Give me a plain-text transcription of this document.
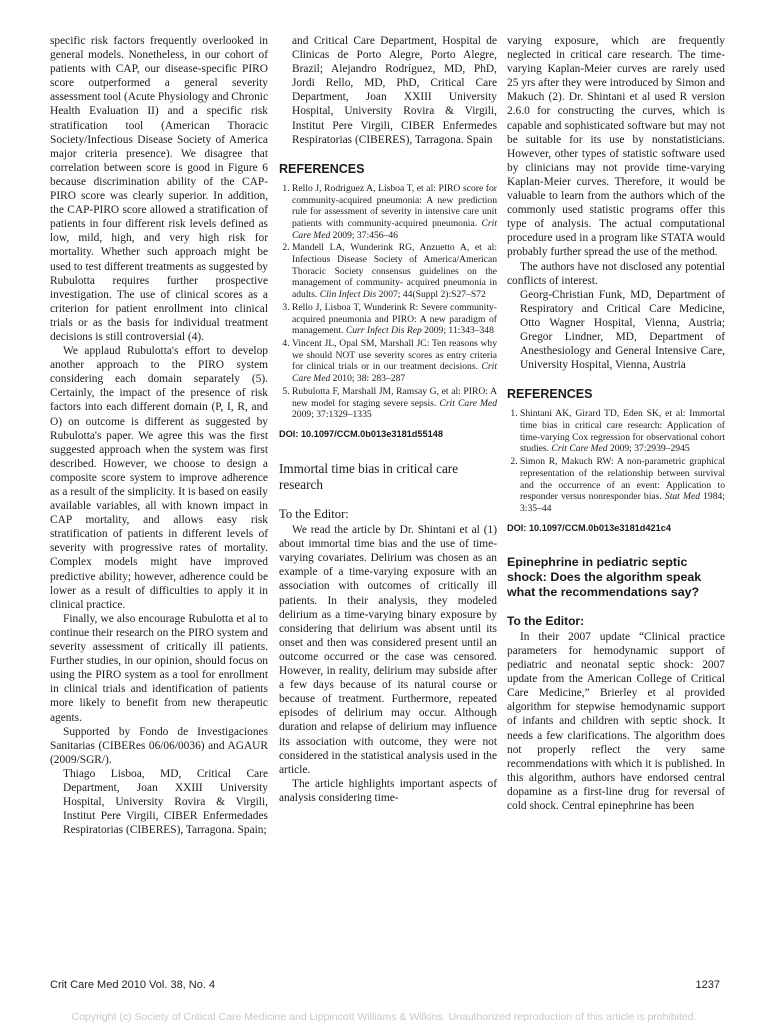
specific risk factors frequently overlooked in general models. Nonetheless, in our cohort of patients with CAP, our disease-specific PIRO score outperformed a general severity assessment tool (Acute Physiology and Chronic Health Evaluation II) and a specific risk stratification tool (American Thoracic Society/Infectious Disease Society of America major criteria presence). We disagree that correlation between score is good in Figure 6 because discrimination ability of the CAP-PIRO score was clearly superior. In addition, the CAP-PIRO score allowed a stratification of patients in four different risk levels defined as low, mild, high, and very high risk for mortality. Whether such approach might be used to test different treatments as suggested by Rubulotta requires further prospective investigation. The use of clinical scores as a criterion for patient enrollment into clinical trials or as the basis for individual treatment decisions is still controversial (4).

We applaud Rubulotta's effort to develop another approach to the PIRO system considering each domain separately (5). Certainly, the impact of the presence of risk factors into each different domain (P, I, R, and O) on outcome is different as suggested by Rubulotta's paper. We agree this was the first suggested approach when the system was first described. However, we choose to design a composite score system to improve adherence as a result of the simplicity. It is based on easily available variables, all with known impact in CAP mortality, and allows easy risk stratification of patients in different levels of severity with progressive rates of mortality. Complex models might have improved predictive ability; however, adherence could be lower as a result of difficulties to apply it in clinical practice.

Finally, we also encourage Rubulotta et al to continue their research on the PIRO system and severity assessment of critically ill patients. Further studies, in our opinion, should focus on using the PIRO system as a tool for enrollment in clinical trials and identification of patients more likely to benefit from new therapeutic agents.

Supported by Fondo de Investigaciones Sanitarias (CIBERes 06/06/0036) and AGAUR (2009/SGR/).

Thiago Lisboa, MD, Critical Care Department, Joan XXIII University Hospital, University Rovira & Virgili, Institut Pere Virgili, CIBER Enfermedades Respiratorias (CIBERES), Tarragona. Spain;

and Critical Care Department, Hospital de Clinicas de Porto Alegre, Porto Alegre, Brazil; Alejandro Rodríguez, MD, PhD, Jordi Rello, MD, PhD, Critical Care Department, Joan XXIII University Hospital, University Rovira & Virgili, Institut Pere Virgili, CIBER Enfermedes Respiratorias (CIBERES), Tarragona. Spain

REFERENCES
1. Rello J, Rodriguez A, Lisboa T, et al: PIRO score for community-acquired pneumonia: A new prediction rule for assessment of severity in intensive care unit patients with community-acquired pneumonia. Crit Care Med 2009; 37:456–46
2. Mandell LA, Wunderink RG, Anzuetto A, et al: Infectious Disease Society of America/American Thoracic Society consensus guidelines on the management of community- acquired pneumonia in adults. Clin Infect Dis 2007; 44(Suppl 2):S27–S72
3. Rello J, Lisboa T, Wunderink R: Severe community-acquired pneumonia and PIRO: A new paradigm of management. Curr Infect Dis Rep 2009; 11:343–348
4. Vincent JL, Opal SM, Marshall JC: Ten reasons why we should NOT use severity scores as entry criteria for clinical trials or in our treatment decisions. Crit Care Med 2010; 38: 283–287
5. Rubulotta F, Marshall JM, Ramsay G, et al: PIRO: A new model for staging severe sepsis. Crit Care Med 2009; 37:1329–1335
DOI: 10.1097/CCM.0b013e3181d55148
Immortal time bias in critical care research
To the Editor:

We read the article by Dr. Shintani et al (1) about immortal time bias and the use of time-varying covariates. Delirium was chosen as an example of a time-varying exposure with an association with outcomes of critically ill patients. In their analysis, they modeled delirium as a time-varying binary exposure by considering that delirium was absent until its onset and then was considered present until an outcome occurred or the case was censored. However, in reality, delirium may subside after a few days because of its natural course or because of treatment. Furthermore, repeated episodes of delirium may occur. Although duration and relapse of delirium may influence its association with outcome, they were not considered in the statistical analysis used in the article.

The article highlights important aspects of analysis considering time-

varying exposure, which are frequently neglected in critical care research. The time-varying Kaplan-Meier curves are rarely used 25 yrs after they were introduced by Simon and Makuch (2). Dr. Shintani et al used R version 2.6.0 for constructing the curves, which is capable and sophisticated software but may not be suitable for its use by nonstatisticians. However, other types of statistic software used by clinicians may not provide time-varying Kaplan-Meier curves. Therefore, it would be valuable to learn from the authors which of the commonly used statistic programs offer this type of analysis. The actual computational procedure used in a program like STATA would probably further spread the use of the method.

The authors have not disclosed any potential conflicts of interest.

Georg-Christian Funk, MD, Department of Respiratory and Critical Care Medicine, Otto Wagner Hospital, Vienna, Austria; Gregor Lindner, MD, Department of Anesthesiology and General Intensive Care, University Hospital, Vienna, Austria

REFERENCES
1. Shintani AK, Girard TD, Eden SK, et al: Immortal time bias in critical care research: Application of time-varying Cox regression for observational cohort studies. Crit Care Med 2009; 37:2939–2945
2. Simon R, Makuch RW: A non-parametric graphical representation of the relationship between survival and the occurrence of an event: Application to responder versus nonresponder bias. Stat Med 1984; 3:35–44
DOI: 10.1097/CCM.0b013e3181d421c4
Epinephrine in pediatric septic shock: Does the algorithm speak what the recommendations say?
To the Editor:

In their 2007 update “Clinical practice parameters for hemodynamic support of pediatric and neonatal septic shock: 2007 update from the American College of Critical Care Medicine,” Brierley et al provided algorithm for stepwise hemodynamic support of infants and children with septic shock. It needs a few clarifications. The algorithm does not properly reflect the very same recommendations with which it is published. In this algorithm, authors have endorsed central dopamine as a first-line drug for reversal of cold shock. Central epinephrine has been

Crit Care Med 2010 Vol. 38, No. 4	1237
Copyright (c) Society of Critical Care Medicine and Lippincott Williams & Wilkins. Unauthorized reproduction of this article is prohibited.
